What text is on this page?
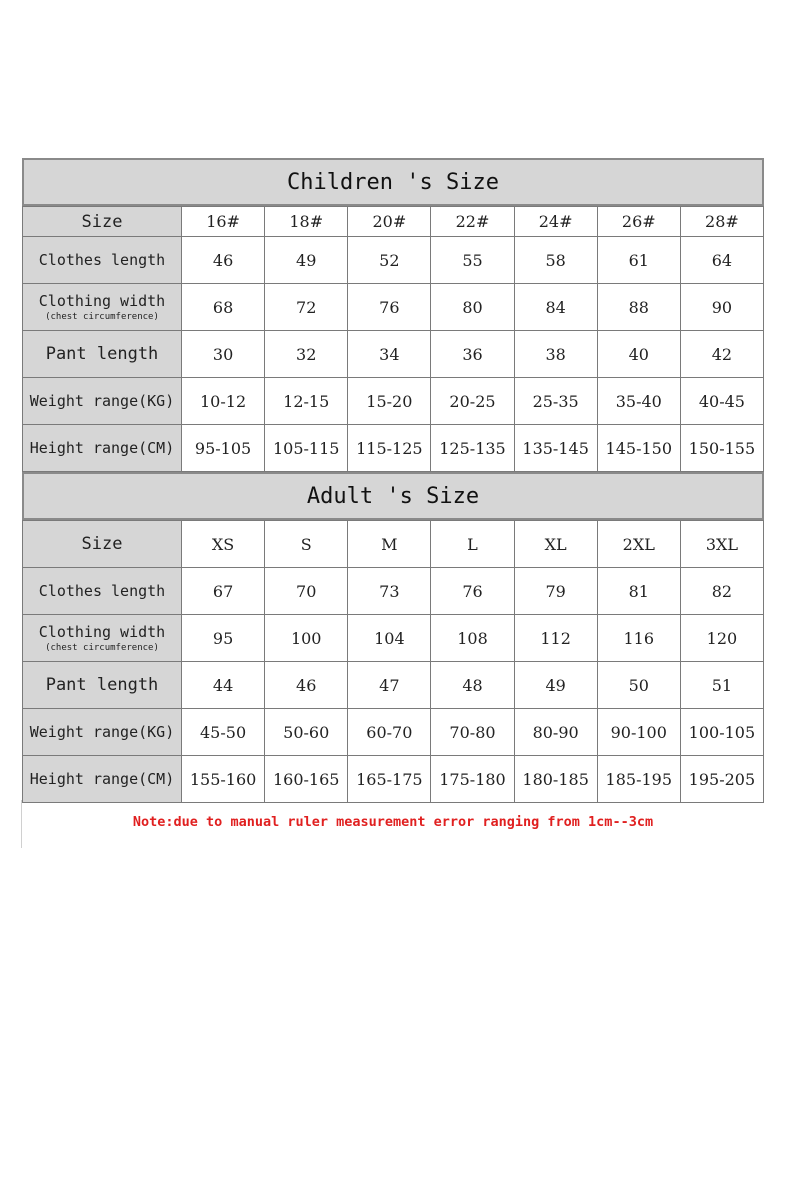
Children 's Size
Size	16#	18#	20#	22#	24#	26#	28#
Clothes length	46	49	52	55	58	61	64
Clothing width
(chest circumference)	68	72	76	80	84	88	90
Pant length	30	32	34	36	38	40	42
Weight range(KG)	10-12	12-15	15-20	20-25	25-35	35-40	40-45
Height range(CM)	95-105	105-115	115-125	125-135	135-145	145-150	150-155
Adult 's Size
Size	XS	S	M	L	XL	2XL	3XL
Clothes length	67	70	73	76	79	81	82
Clothing width
(chest circumference)	95	100	104	108	112	116	120
Pant length	44	46	47	48	49	50	51
Weight range(KG)	45-50	50-60	60-70	70-80	80-90	90-100	100-105
Height range(CM)	155-160	160-165	165-175	175-180	180-185	185-195	195-205
Note:due to manual ruler measurement error ranging from 1cm--3cm
